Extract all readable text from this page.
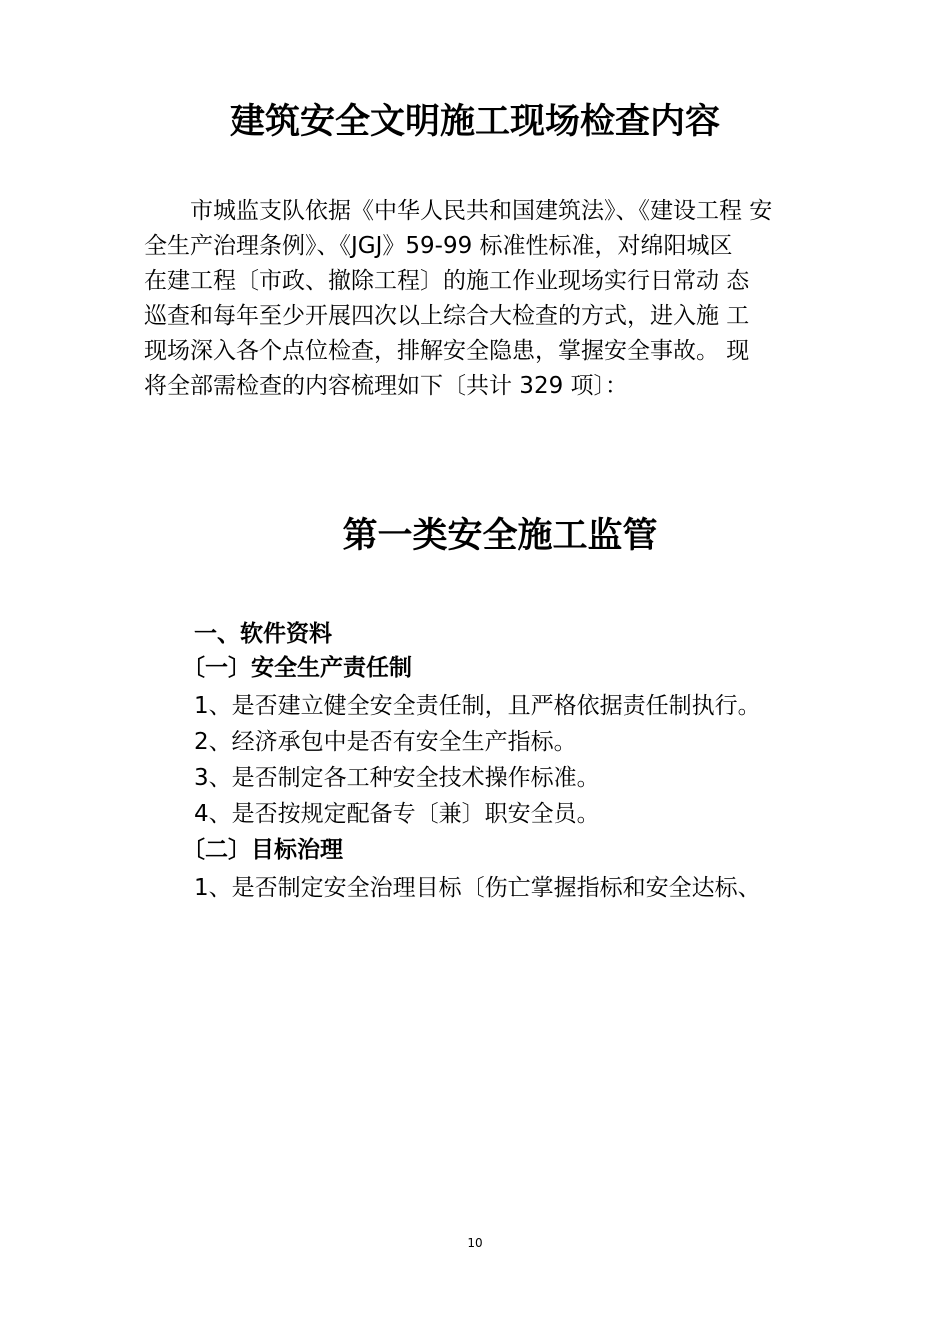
建筑安全文明施工现场检查内容

市城监支队依据《中华人民共和国建筑法》、《建设工程 安
全生产治理条例》、《JGJ》59-99 标准性标准，对绵阳城区
在建工程〔市政、撤除工程〕的施工作业现场实行日常动 态
巡查和每年至少开展四次以上综合大检查的方式，进入施 工
现场深入各个点位检查，排解安全隐患，掌握安全事故。 现
将全部需检查的内容梳理如下〔共计 329 项〕：

第一类安全施工监管
一、软件资料
〔一〕安全生产责任制

1、是否建立健全安全责任制，且严格依据责任制执行。

2、经济承包中是否有安全生产指标。

3、是否制定各工种安全技术操作标准。

4、是否按规定配备专〔兼〕职安全员。

〔二〕目标治理

1、是否制定安全治理目标〔伤亡掌握指标和安全达标、

10
